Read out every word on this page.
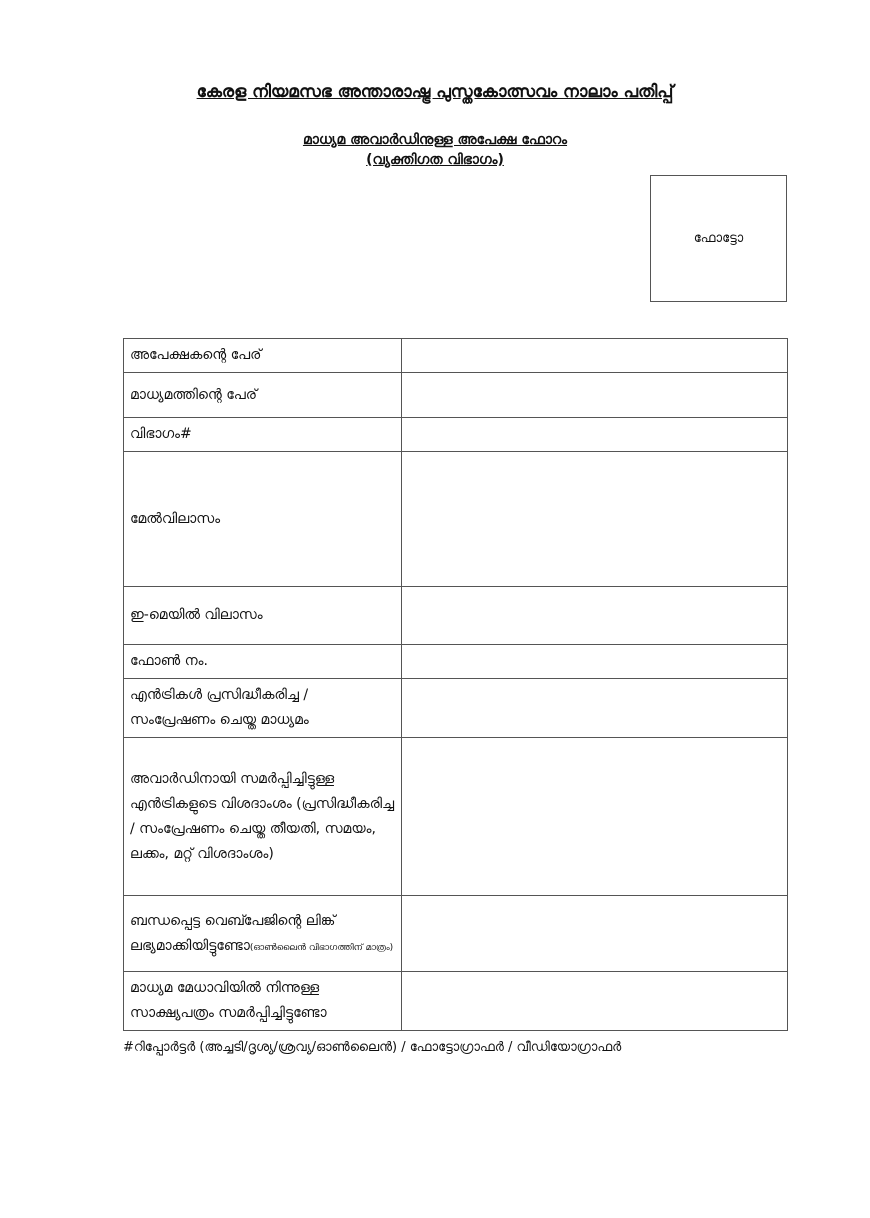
കേരള നിയമസഭ അന്താരാഷ്ട്ര പുസ്തകോത്സവം നാലാം പതിപ്പ്
മാധ്യമ അവാർഡിനുള്ള അപേക്ഷ ഫോറം
(വ്യക്തിഗത വിഭാഗം)
ഫോട്ടോ
അപേക്ഷകന്റെ പേര്	
മാധ്യമത്തിന്റെ പേര്	
വിഭാഗം#	
മേൽവിലാസം	
ഇ-മെയിൽ വിലാസം	
ഫോൺ നം.	
എൻട്രികൾ പ്രസിദ്ധീകരിച്ച / സംപ്രേഷണം ചെയ്ത മാധ്യമം	
അവാർഡിനായി സമർപ്പിച്ചിട്ടുള്ള എൻട്രികളുടെ വിശദാംശം (പ്രസിദ്ധീകരിച്ച / സംപ്രേഷണം ചെയ്ത തീയതി, സമയം, ലക്കം, മറ്റ് വിശദാംശം)	
ബന്ധപ്പെട്ട വെബ്പേജിന്റെ ലിങ്ക് ലഭ്യമാക്കിയിട്ടുണ്ടോ(ഓൺലൈൻ വിഭാഗത്തിന് മാത്രം)	
മാധ്യമ മേധാവിയിൽ നിന്നുള്ള സാക്ഷ്യപത്രം സമർപ്പിച്ചിട്ടുണ്ടോ	
#റിപ്പോർട്ടർ (അച്ചടി/ദൃശ്യ/ശ്രവ്യ/ഓൺലൈൻ) / ഫോട്ടോഗ്രാഫർ / വീഡിയോഗ്രാഫർ
